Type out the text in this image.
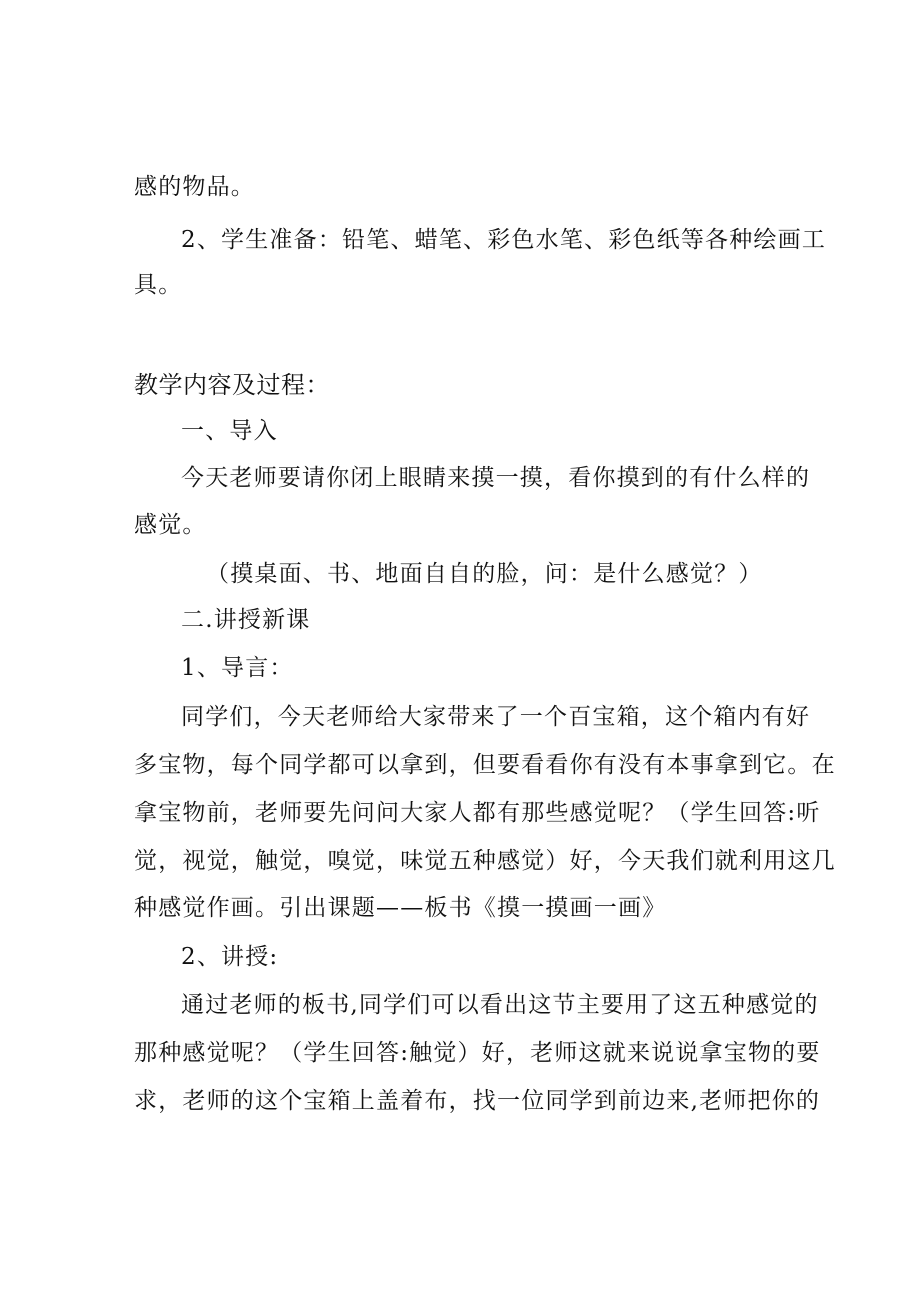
感的物品。
2、学生准备：铅笔、蜡笔、彩色水笔、彩色纸等各种绘画工
具。
教学内容及过程：
一、导入
今天老师要请你闭上眼睛来摸一摸，看你摸到的有什么样的
感觉。
（摸桌面、书、地面自自的脸，问：是什么感觉？）
二.讲授新课
1、导言：
同学们，今天老师给大家带来了一个百宝箱，这个箱内有好
多宝物，每个同学都可以拿到，但要看看你有没有本事拿到它。在
拿宝物前，老师要先问问大家人都有那些感觉呢？（学生回答:听
觉，视觉，触觉，嗅觉，味觉五种感觉）好，今天我们就利用这几
种感觉作画。引出课题——板书《摸一摸画一画》
2、讲授:
通过老师的板书,同学们可以看出这节主要用了这五种感觉的
那种感觉呢？（学生回答:触觉）好，老师这就来说说拿宝物的要
求，老师的这个宝箱上盖着布，找一位同学到前边来,老师把你的
